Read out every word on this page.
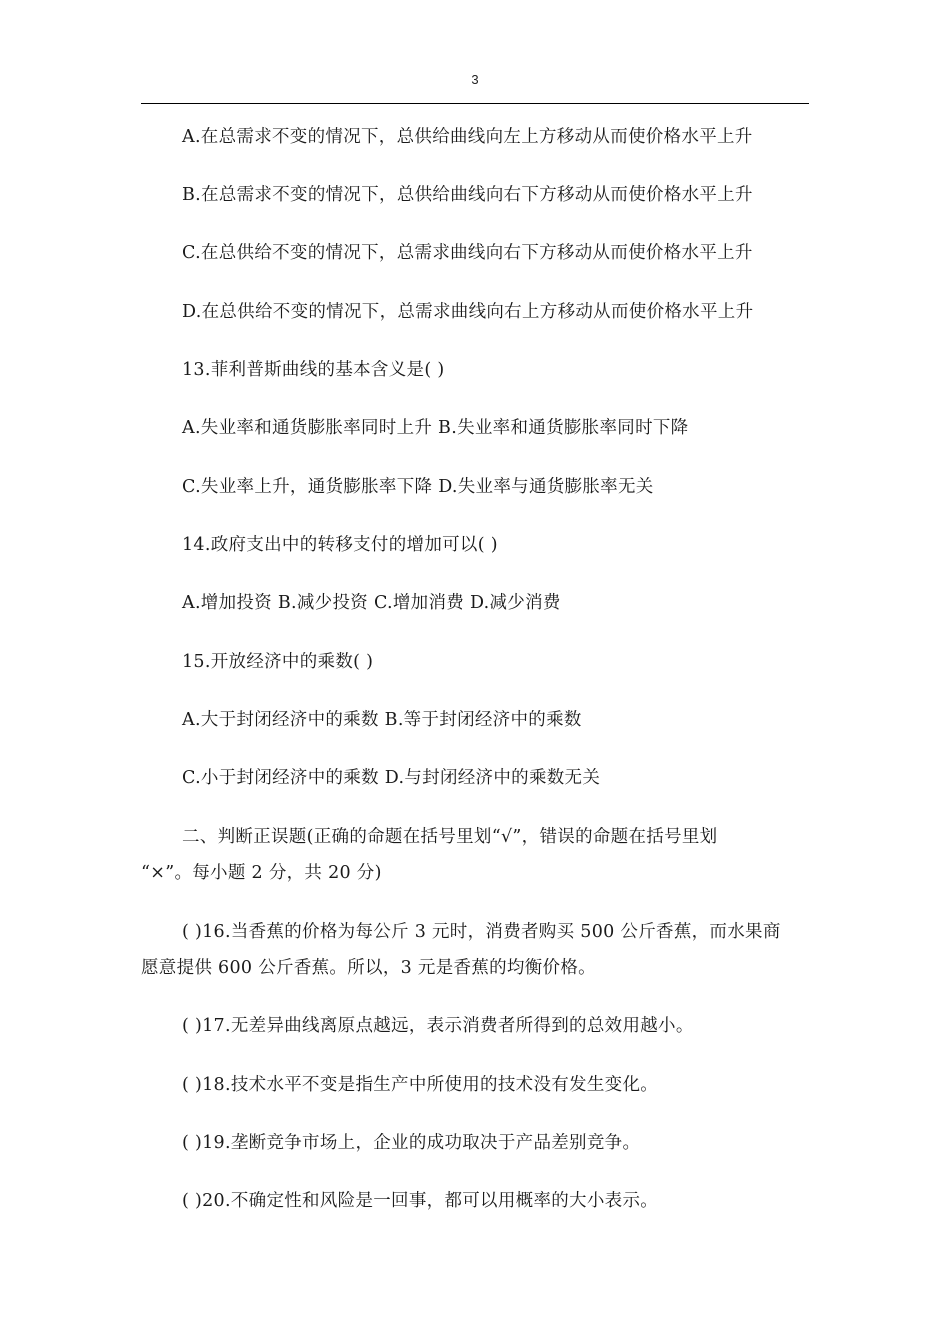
3
A.在总需求不变的情况下，总供给曲线向左上方移动从而使价格水平上升
B.在总需求不变的情况下，总供给曲线向右下方移动从而使价格水平上升
C.在总供给不变的情况下，总需求曲线向右下方移动从而使价格水平上升
D.在总供给不变的情况下，总需求曲线向右上方移动从而使价格水平上升
13.菲利普斯曲线的基本含义是( )
A.失业率和通货膨胀率同时上升 B.失业率和通货膨胀率同时下降
C.失业率上升，通货膨胀率下降 D.失业率与通货膨胀率无关
14.政府支出中的转移支付的增加可以( )
A.增加投资 B.减少投资 C.增加消费 D.减少消费
15.开放经济中的乘数( )
A.大于封闭经济中的乘数 B.等于封闭经济中的乘数
C.小于封闭经济中的乘数 D.与封闭经济中的乘数无关
二、判断正误题(正确的命题在括号里划“√”，错误的命题在括号里划
“×”。每小题 2 分，共 20 分)
( )16.当香蕉的价格为每公斤 3 元时，消费者购买 500 公斤香蕉，而水果商
愿意提供 600 公斤香蕉。所以，3 元是香蕉的均衡价格。
( )17.无差异曲线离原点越远，表示消费者所得到的总效用越小。
( )18.技术水平不变是指生产中所使用的技术没有发生变化。
( )19.垄断竞争市场上，企业的成功取决于产品差别竞争。
( )20.不确定性和风险是一回事，都可以用概率的大小表示。
